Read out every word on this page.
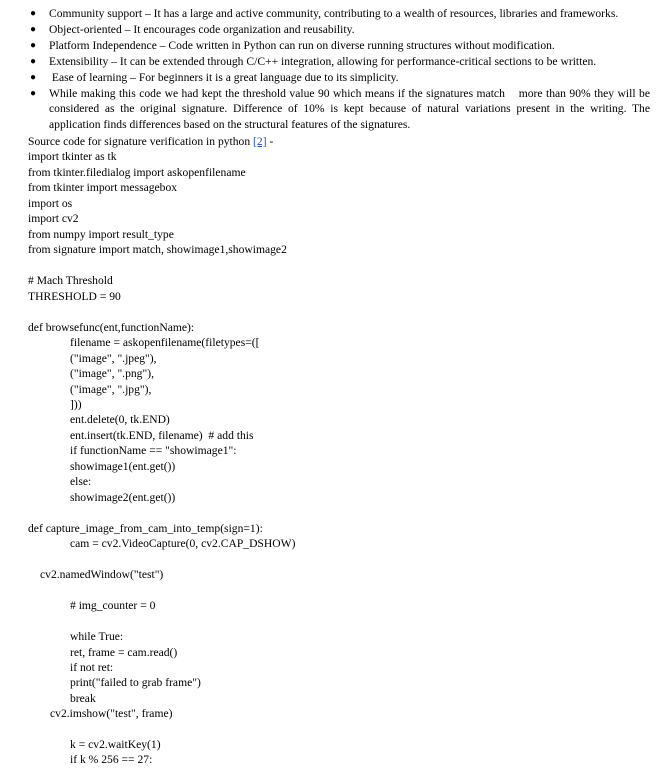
● Community support – It has a large and active community, contributing to a wealth of resources, libraries and frameworks.
● Object-oriented – It encourages code organization and reusability.
● Platform Independence – Code written in Python can run on diverse running structures without modification.
● Extensibility – It can be extended through C/C++ integration, allowing for performance-critical sections to be written.
● Ease of learning – For beginners it is a great language due to its simplicity.
● While making this code we had kept the threshold value 90 which means if the signatures match    more than 90% they will be considered as the original signature. Difference of 10% is kept because of natural variations present in the writing. The application finds differences based on the structural features of the signatures.
Source code for signature verification in python [2] -
import tkinter as tk
from tkinter.filedialog import askopenfilename
from tkinter import messagebox
import os
import cv2
from numpy import result_type
from signature import match, showimage1,showimage2
# Mach Threshold
THRESHOLD = 90
def browsefunc(ent,functionName):
filename = askopenfilename(filetypes=([
("image", ".jpeg"),
("image", ".png"),
("image", ".jpg"),
]))
ent.delete(0, tk.END)
ent.insert(tk.END, filename)  # add this
if functionName == "showimage1":
showimage1(ent.get())
else:
showimage2(ent.get())
def capture_image_from_cam_into_temp(sign=1):
cam = cv2.VideoCapture(0, cv2.CAP_DSHOW)
cv2.namedWindow("test")
# img_counter = 0
while True:
ret, frame = cam.read()
if not ret:
print("failed to grab frame")
break
cv2.imshow("test", frame)
k = cv2.waitKey(1)
if k % 256 == 27:
